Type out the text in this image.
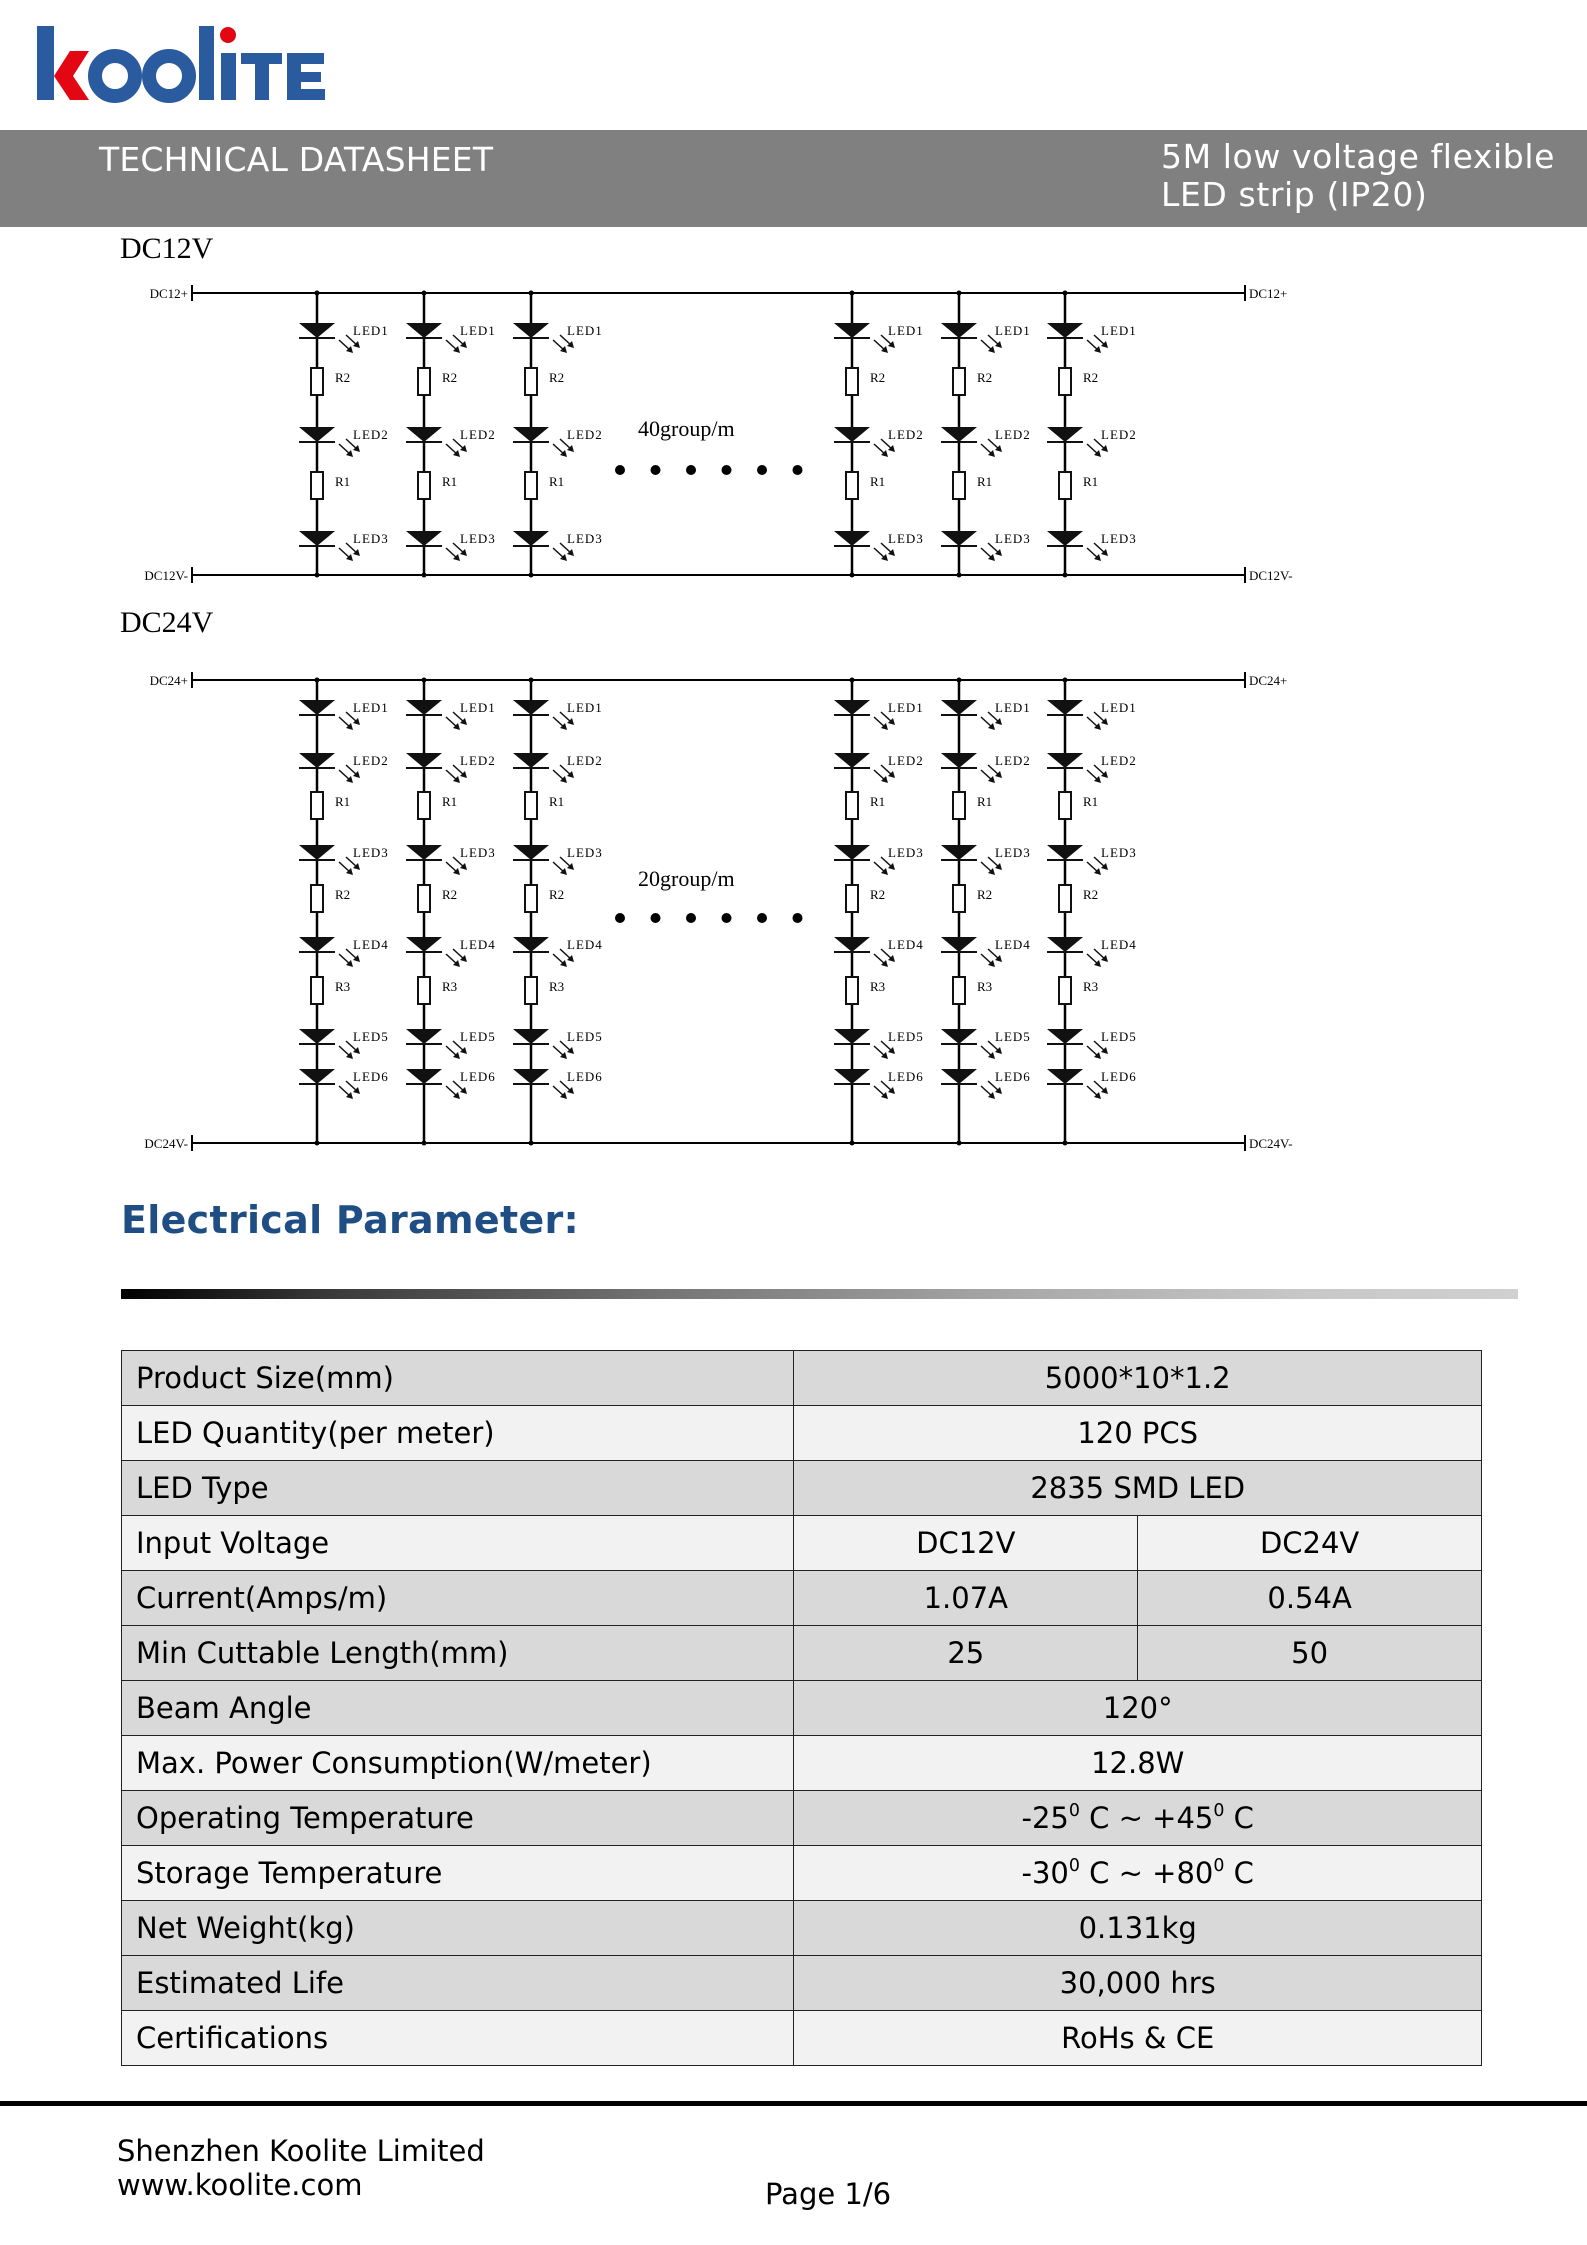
TECHNICAL DATASHEET	5M low voltage flexible
LED strip (IP20)
DC12V
DC12+	DC12+
DC12V-	DC12V-
40group/m
LED1
R2
LED2
R1
LED3
LED1
R2
LED2
R1
LED3
LED1
R2
LED2
R1
LED3
LED1
R2
LED2
R1
LED3
LED1
R2
LED2
R1
LED3
LED1
R2
LED2
R1
LED3
DC24V
DC24+	DC24+
DC24V-	DC24V-
20group/m
LED1
LED2
R1
LED3
R2
LED4
R3
LED5
LED6
LED1
LED2
R1
LED3
R2
LED4
R3
LED5
LED6
LED1
LED2
R1
LED3
R2
LED4
R3
LED5
LED6
LED1
LED2
R1
LED3
R2
LED4
R3
LED5
LED6
LED1
LED2
R1
LED3
R2
LED4
R3
LED5
LED6
LED1
LED2
R1
LED3
R2
LED4
R3
LED5
LED6
Electrical Parameter:
Product Size(mm)	5000*10*1.2	
LED Quantity(per meter)	120 PCS	
LED Type	2835 SMD LED	
Input Voltage	DC12V	DC24V
Current(Amps/m)	1.07A	0.54A
Min Cuttable Length(mm)	25	50
Beam Angle	120°	
Max. Power Consumption(W/meter)	12.8W	
Operating Temperature	$-25^0$ C ~ $+45^0$ C	
Storage Temperature	$-30^0$ C ~ $+80^0$ C	
Net Weight(kg)	0.131kg	
Estimated Life	30,000 hrs	
Certifications	RoHs & CE	
Shenzhen Koolite Limited
www.koolite.com	Page 1/6
